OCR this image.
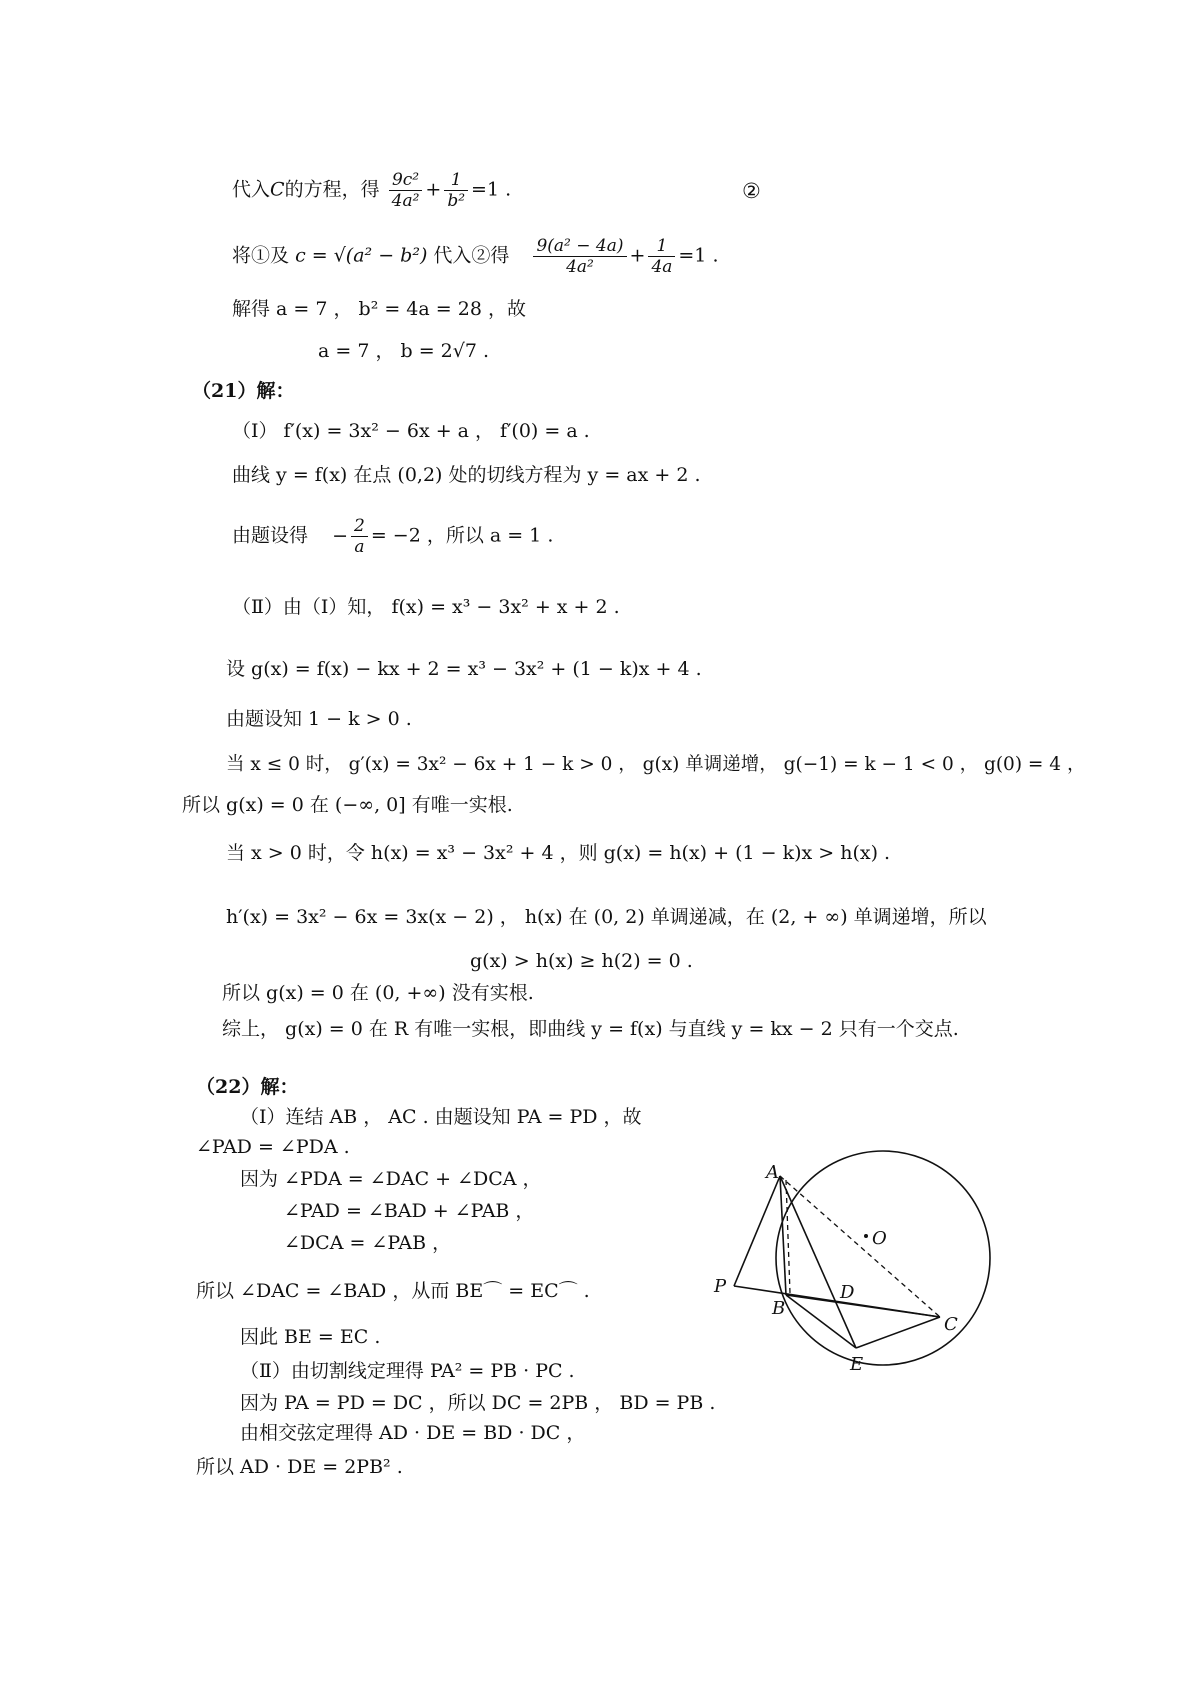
代入C的方程，得 $\frac{\text{9c²}}{\text{4a²}} + \frac{1}{\text{b²}} =1$ .	②
将①及 c = √(a² − b²) 代入②得 $\frac{\text{9(a² − 4a)}}{\text{4a²}} + \frac{1}{4a} =1$ .
解得 a = 7 ， b² = 4a = 28 ，故
a = 7 ， b = 2√7 .
（21）解：
（Ⅰ） f′(x) = 3x² − 6x + a ， f′(0) = a .
曲线 y = f(x) 在点 (0,2) 处的切线方程为 y = ax + 2 .
由题设得 − $\frac{2}{a} = -2$ ，所以 a = 1 .
（Ⅱ）由（Ⅰ）知， f(x) = x³ − 3x² + x + 2 .
设 g(x) = f(x) − kx + 2 = x³ − 3x² + (1 − k)x + 4 .
由题设知 1 − k > 0 .
当 x ≤ 0 时， g′(x) = 3x² − 6x + 1 − k > 0 ， g(x) 单调递增， g(−1) = k − 1 < 0 ， g(0) = 4 ，
所以 g(x) = 0 在 (−∞, 0] 有唯一实根.
当 x > 0 时，令 h(x) = x³ − 3x² + 4 ，则 g(x) = h(x) + (1 − k)x > h(x) .
h′(x) = 3x² − 6x = 3x(x − 2) ， h(x) 在 (0, 2) 单调递减，在 (2, + ∞) 单调递增，所以
g(x) > h(x) ≥ h(2) = 0 .
所以 g(x) = 0 在 (0, +∞) 没有实根.
综上， g(x) = 0 在 R 有唯一实根，即曲线 y = f(x) 与直线 y = kx − 2 只有一个交点.
（22）解：
（Ⅰ）连结 AB ， AC . 由题设知 PA = PD ，故
∠PAD = ∠PDA .
因为 ∠PDA = ∠DAC + ∠DCA ，
∠PAD = ∠BAD + ∠PAB ，
∠DCA = ∠PAB ，
所以 ∠DAC = ∠BAD ，从而 BE⌒ = EC⌒ .
因此 BE = EC .
（Ⅱ）由切割线定理得 PA² = PB · PC .
因为 PA = PD = DC ，所以 DC = 2PB ， BD = PB .
由相交弦定理得 AD · DE = BD · DC ，
所以 AD · DE = 2PB² .
A
O
P
B
D
C
E
